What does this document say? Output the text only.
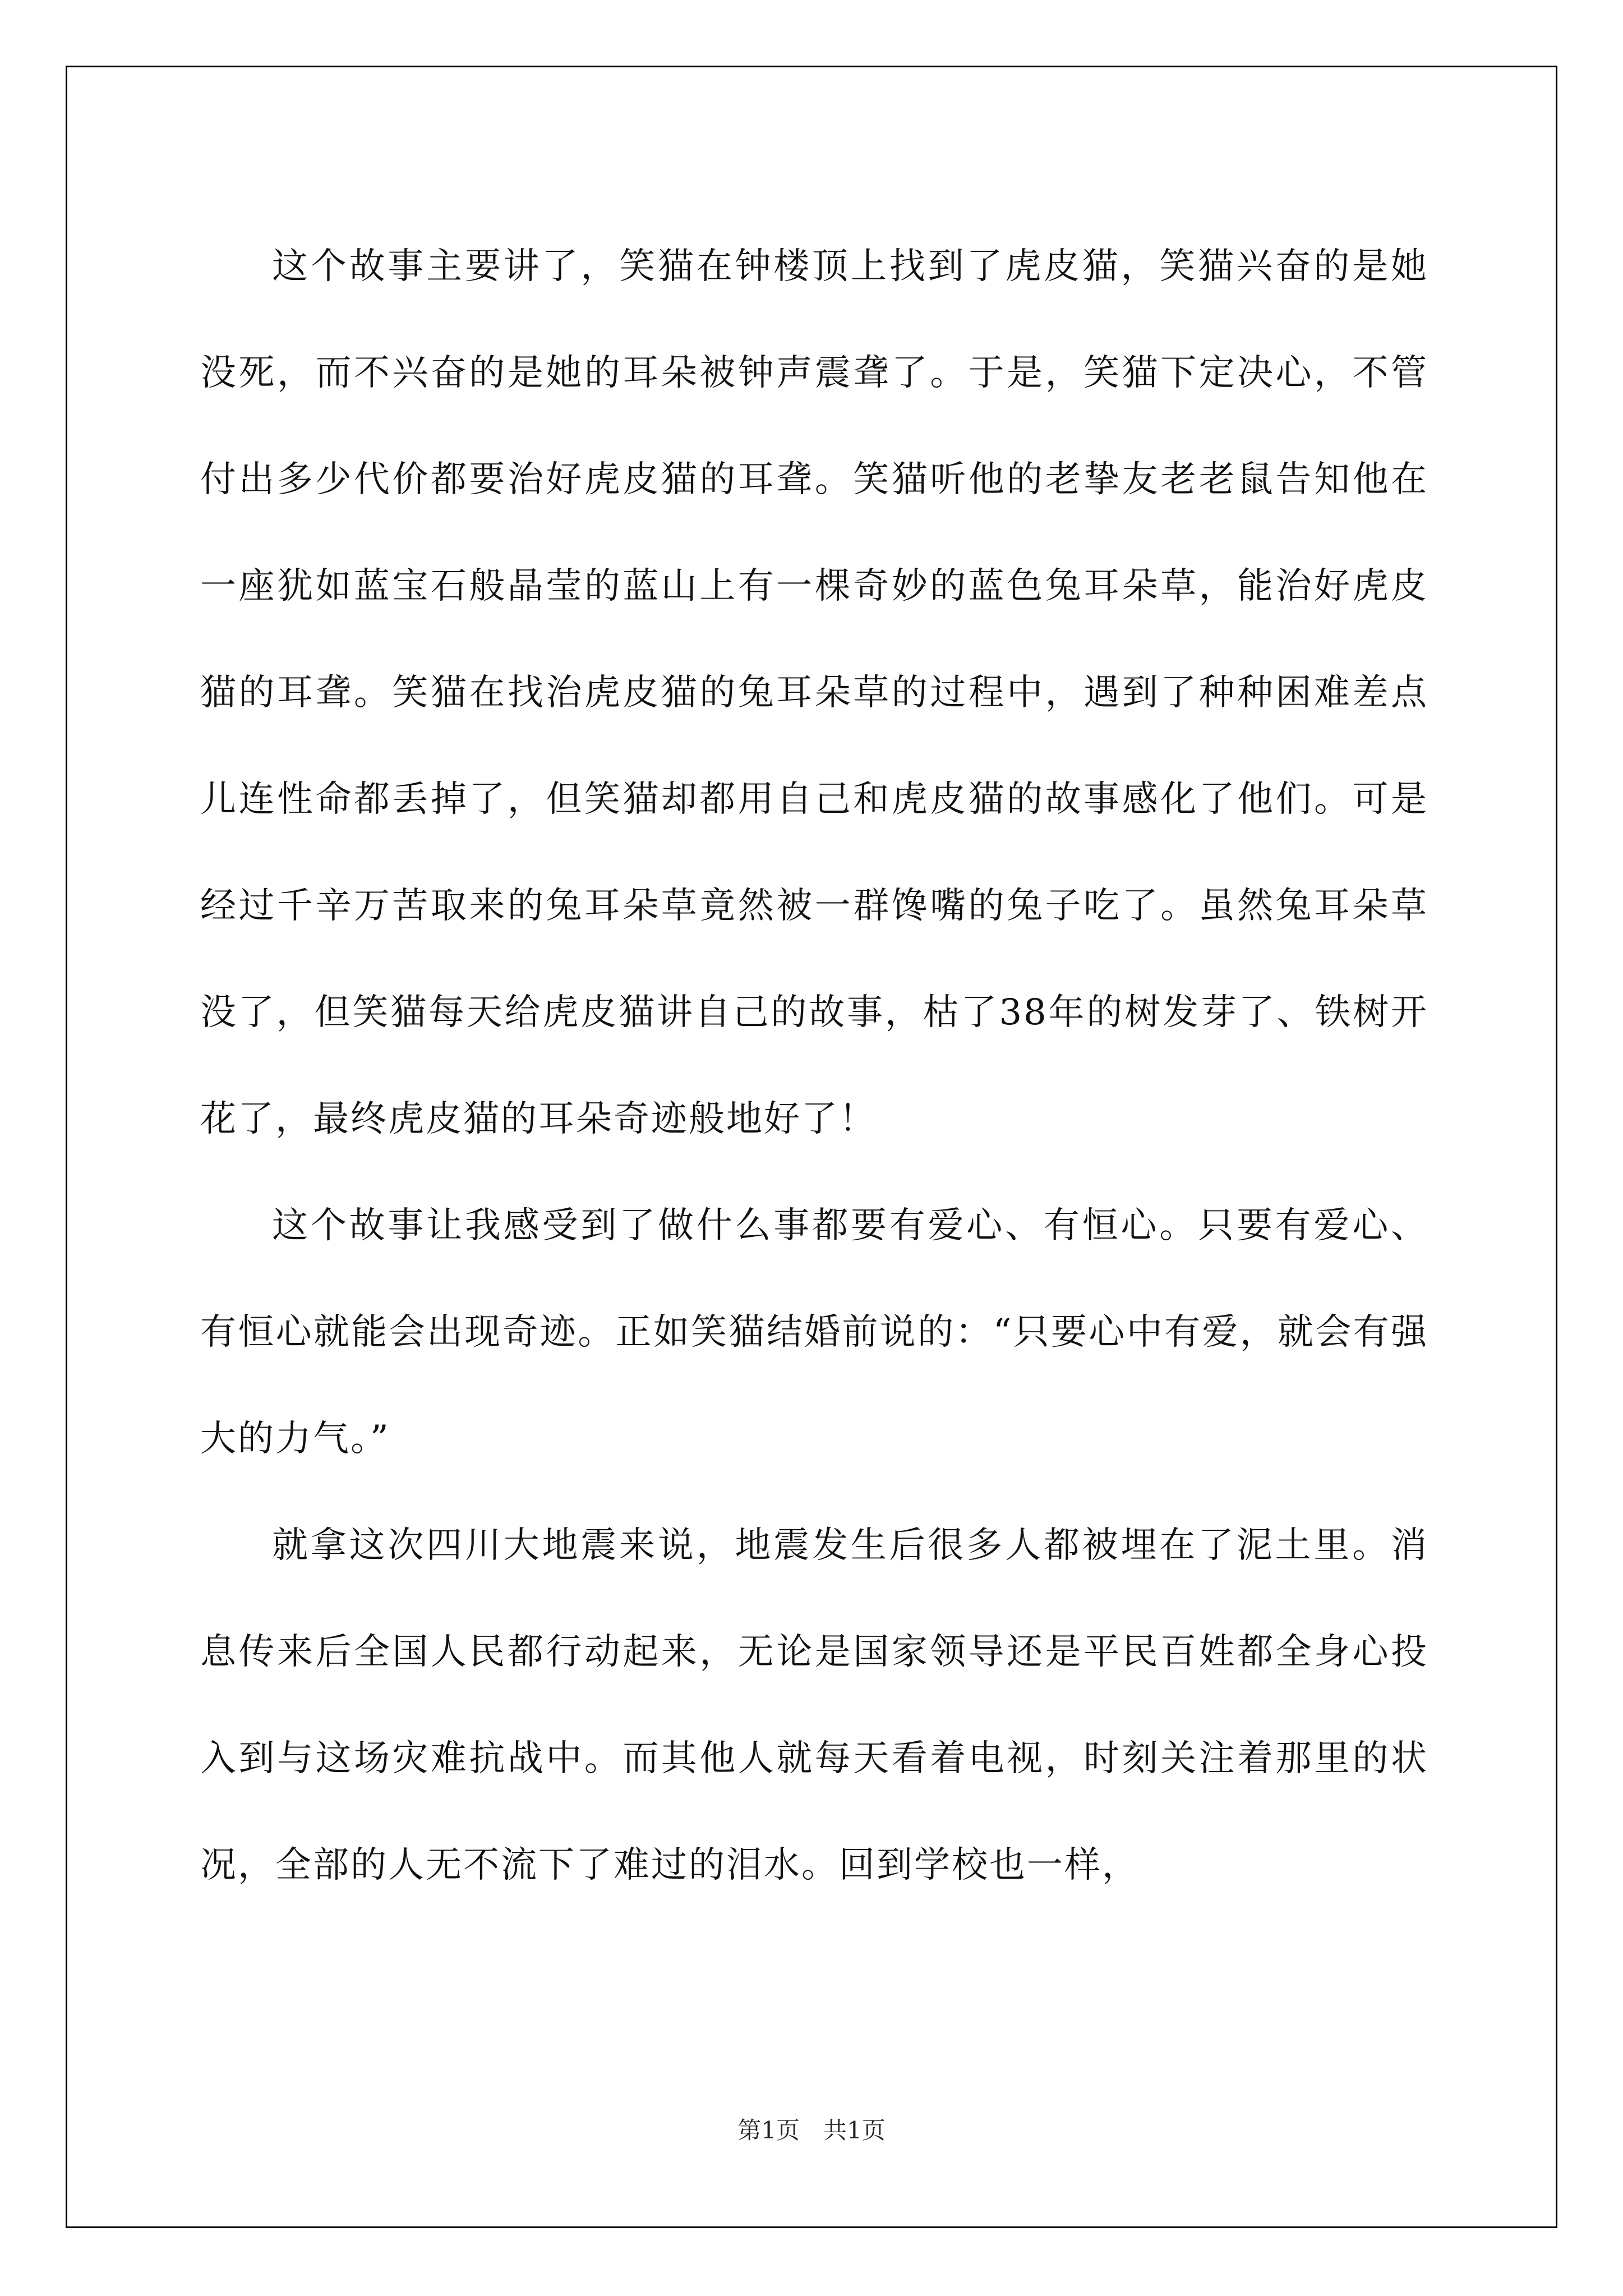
这个故事主要讲了，笑猫在钟楼顶上找到了虎皮猫，笑猫兴奋的是她没死，而不兴奋的是她的耳朵被钟声震聋了。于是，笑猫下定决心，不管付出多少代价都要治好虎皮猫的耳聋。笑猫听他的老挚友老老鼠告知他在一座犹如蓝宝石般晶莹的蓝山上有一棵奇妙的蓝色兔耳朵草，能治好虎皮猫的耳聋。笑猫在找治虎皮猫的兔耳朵草的过程中，遇到了种种困难差点儿连性命都丢掉了，但笑猫却都用自己和虎皮猫的故事感化了他们。可是经过千辛万苦取来的兔耳朵草竟然被一群馋嘴的兔子吃了。虽然兔耳朵草没了，但笑猫每天给虎皮猫讲自己的故事，枯了38年的树发芽了、铁树开花了，最终虎皮猫的耳朵奇迹般地好了！

这个故事让我感受到了做什么事都要有爱心、有恒心。只要有爱心、有恒心就能会出现奇迹。正如笑猫结婚前说的：“只要心中有爱，就会有强大的力气。”

就拿这次四川大地震来说，地震发生后很多人都被埋在了泥土里。消息传来后全国人民都行动起来，无论是国家领导还是平民百姓都全身心投入到与这场灾难抗战中。而其他人就每天看着电视，时刻关注着那里的状况，全部的人无不流下了难过的泪水。回到学校也一样，

第1页　共1页
